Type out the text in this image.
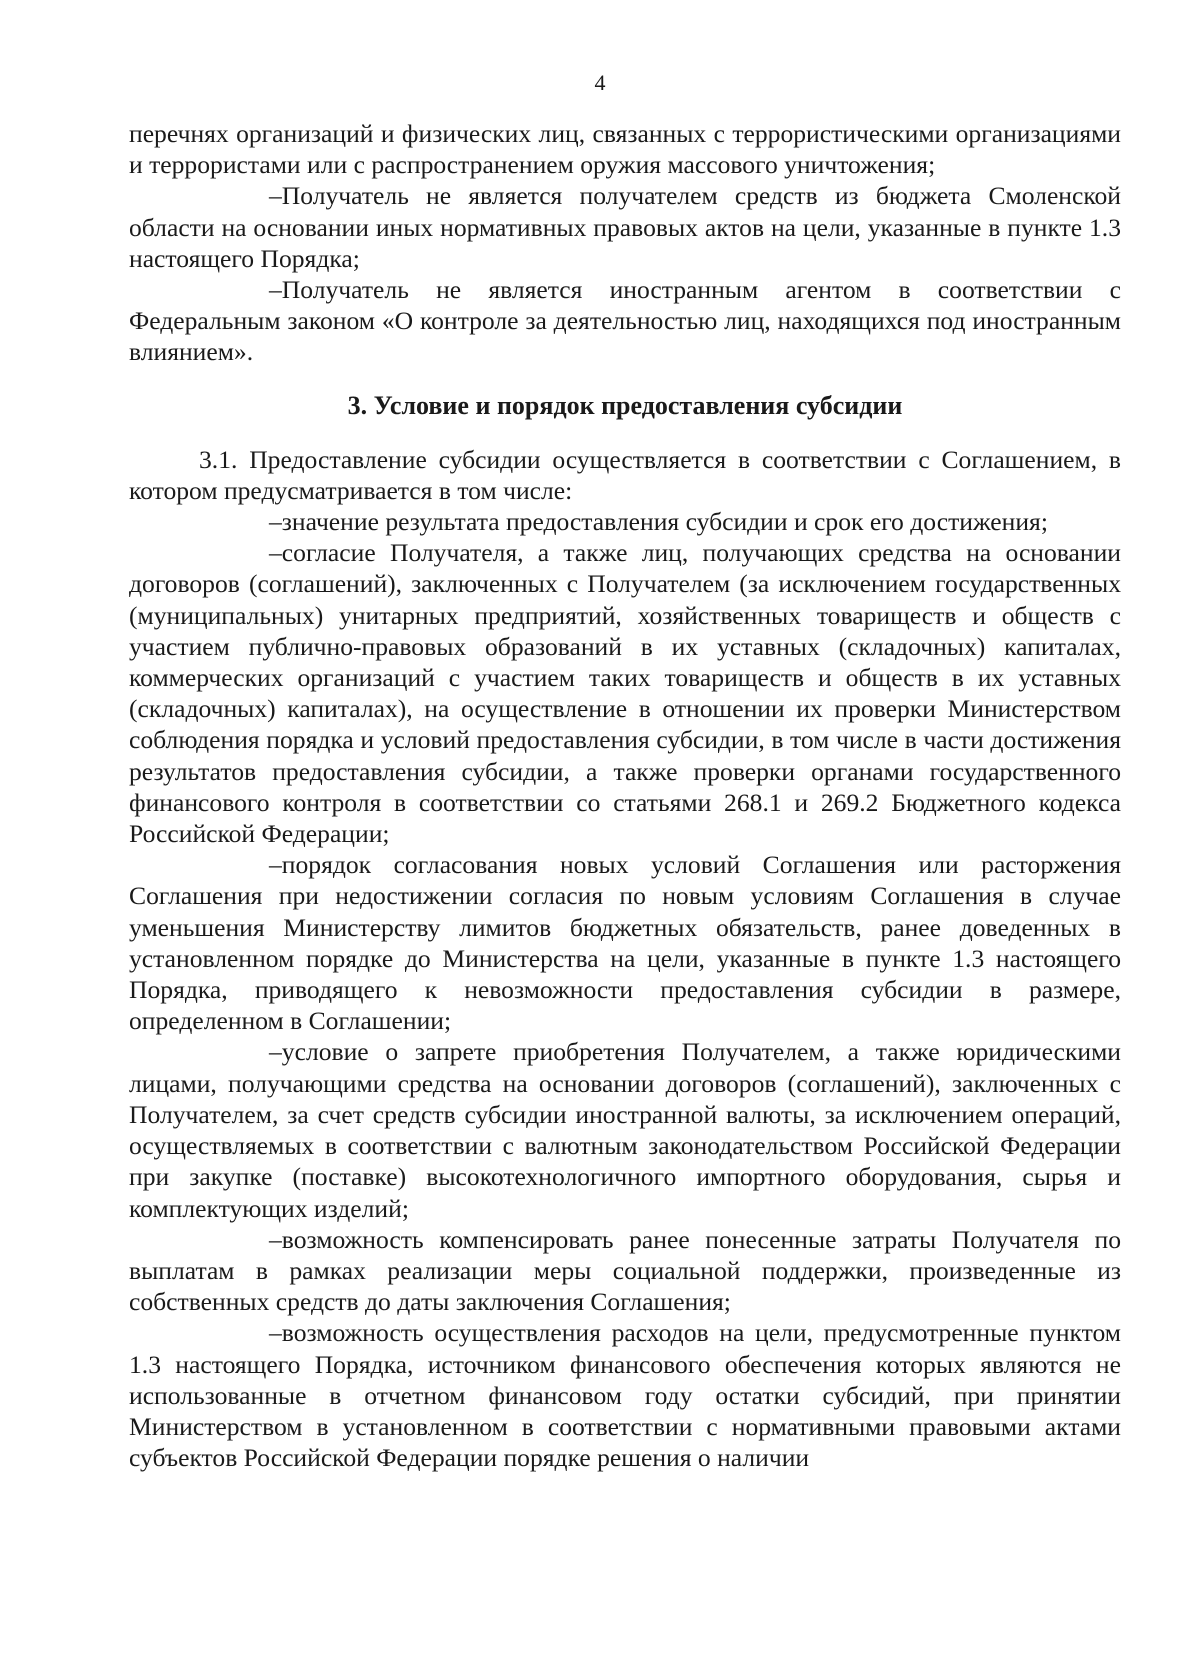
4

перечнях организаций и физических лиц, связанных с террористическими организациями и террористами или с распространением оружия массового уничтожения;

–Получатель не является получателем средств из бюджета Смоленской области на основании иных нормативных правовых актов на цели, указанные в пункте 1.3 настоящего Порядка;

–Получатель не является иностранным агентом в соответствии с Федеральным законом «О контроле за деятельностью лиц, находящихся под иностранным влиянием».

3. Условие и порядок предоставления субсидии

3.1. Предоставление субсидии осуществляется в соответствии с Соглашением, в котором предусматривается в том числе:

–значение результата предоставления субсидии и срок его достижения;

–согласие Получателя, а также лиц, получающих средства на основании договоров (соглашений), заключенных с Получателем (за исключением государственных (муниципальных) унитарных предприятий, хозяйственных товариществ и обществ с участием публично-правовых образований в их уставных (складочных) капиталах, коммерческих организаций с участием таких товариществ и обществ в их уставных (складочных) капиталах), на осуществление в отношении их проверки Министерством соблюдения порядка и условий предоставления субсидии, в том числе в части достижения результатов предоставления субсидии, а также проверки органами государственного финансового контроля в соответствии со статьями 268.1 и 269.2 Бюджетного кодекса Российской Федерации;

–порядок согласования новых условий Соглашения или расторжения Соглашения при недостижении согласия по новым условиям Соглашения в случае уменьшения Министерству лимитов бюджетных обязательств, ранее доведенных в установленном порядке до Министерства на цели, указанные в пункте 1.3 настоящего Порядка, приводящего к невозможности предоставления субсидии в размере, определенном в Соглашении;

–условие о запрете приобретения Получателем, а также юридическими лицами, получающими средства на основании договоров (соглашений), заключенных с Получателем, за счет средств субсидии иностранной валюты, за исключением операций, осуществляемых в соответствии с валютным законодательством Российской Федерации при закупке (поставке) высокотехнологичного импортного оборудования, сырья и комплектующих изделий;

–возможность компенсировать ранее понесенные затраты Получателя по выплатам в рамках реализации меры социальной поддержки, произведенные из собственных средств до даты заключения Соглашения;

–возможность осуществления расходов на цели, предусмотренные пунктом 1.3 настоящего Порядка, источником финансового обеспечения которых являются не использованные в отчетном финансовом году остатки субсидий, при принятии Министерством в установленном в соответствии с нормативными правовыми актами субъектов Российской Федерации порядке решения о наличии
